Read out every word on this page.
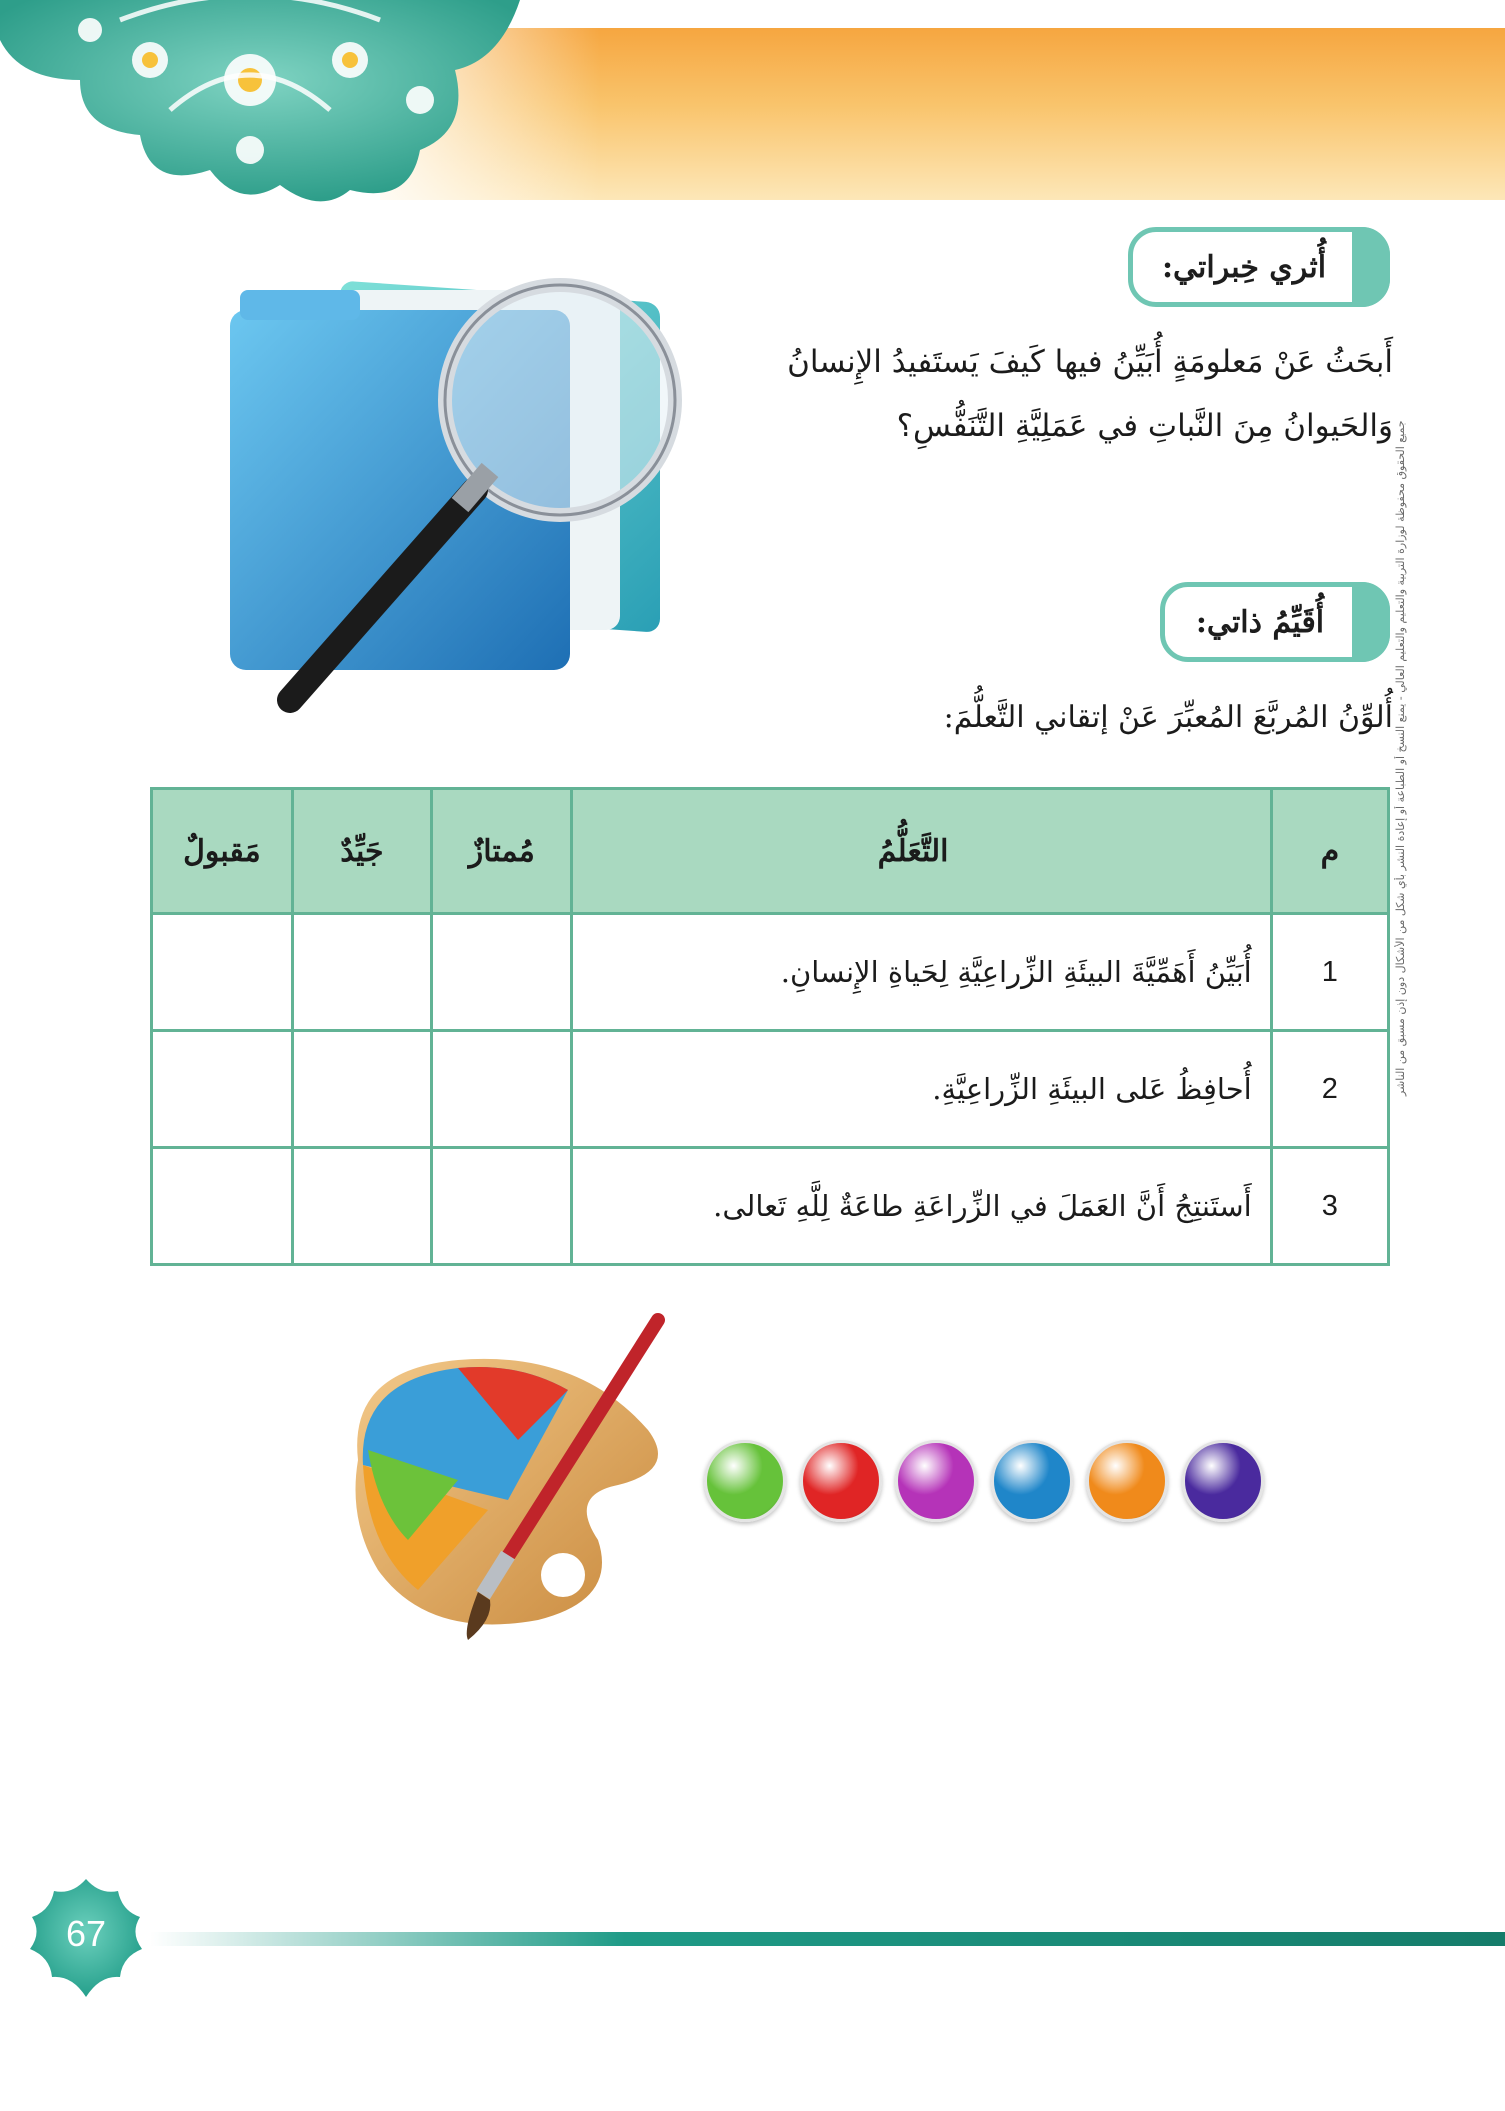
أُثري خِبراتي:
أَبحَثُ عَنْ مَعلومَةٍ أُبَيِّنُ فيها كَيفَ يَستَفيدُ الإِنسانُ وَالحَيوانُ مِنَ النَّباتِ في عَمَلِيَّةِ التَّنَفُّسِ؟
أُقَيِّمُ ذاتي:
أُلوِّنُ المُربَّعَ المُعبِّرَ عَنْ إتقاني التَّعلُّمَ: جميع الحقوق محفوظة لوزارة التربية والتعليم والتعليم العالي - يمنع النسخ أو الطباعة أو إعادة النشر بأي شكل من الأشكال دون إذن مسبق من الناشر
م	التَّعَلُّمُ	مُمتازٌ	جَيِّدٌ	مَقبولٌ
1	أُبَيِّنُ أَهَمِّيَّةَ البيئَةِ الزِّراعِيَّةِ لِحَياةِ الإِنسانِ.			
2	أُحافِظُ عَلى البيئَةِ الزِّراعِيَّةِ.			
3	أَستَنتِجُ أَنَّ العَمَلَ في الزِّراعَةِ طاعَةٌ لِلَّهِ تَعالى.			
67
